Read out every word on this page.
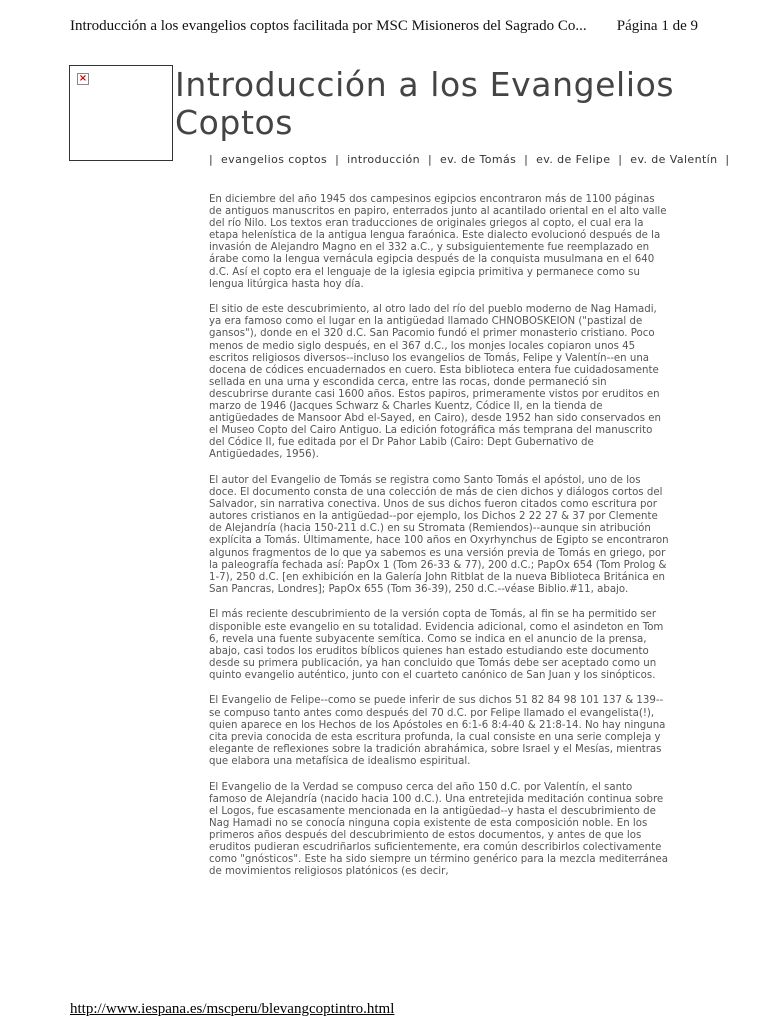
Introducción a los evangelios coptos facilitada por MSC Misioneros del Sagrado Co... Página 1 de 9
×	Introducción a los Evangelios Coptos
| evangelios coptos | introducción | ev. de Tomás | ev. de Felipe | ev. de Valentín |

En diciembre del año 1945 dos campesinos egipcios encontraron más de 1100 páginas de antiguos manuscritos en papiro, enterrados junto al acantilado oriental en el alto valle del río Nilo. Los textos eran traducciones de originales griegos al copto, el cual era la etapa helenística de la antigua lengua faraónica. Este dialecto evolucionó después de la invasión de Alejandro Magno en el 332 a.C., y subsiguientemente fue reemplazado en árabe como la lengua vernácula egipcia después de la conquista musulmana en el 640 d.C. Así el copto era el lenguaje de la iglesia egipcia primitiva y permanece como su lengua litúrgica hasta hoy día.

El sitio de este descubrimiento, al otro lado del río del pueblo moderno de Nag Hamadi, ya era famoso como el lugar en la antigüedad llamado CHNOBOSKEION ("pastizal de gansos"), donde en el 320 d.C. San Pacomio fundó el primer monasterio cristiano. Poco menos de medio siglo después, en el 367 d.C., los monjes locales copiaron unos 45 escritos religiosos diversos--incluso los evangelios de Tomás, Felipe y Valentín--en una docena de códices encuadernados en cuero. Esta biblioteca entera fue cuidadosamente sellada en una urna y escondida cerca, entre las rocas, donde permaneció sin descubrirse durante casi 1600 años. Estos papiros, primeramente vistos por eruditos en marzo de 1946 (Jacques Schwarz & Charles Kuentz, Códice II, en la tienda de antigüedades de Mansoor Abd el-Sayed, en Cairo), desde 1952 han sido conservados en el Museo Copto del Cairo Antiguo. La edición fotográfica más temprana del manuscrito del Códice II, fue editada por el Dr Pahor Labib (Cairo: Dept Gubernativo de Antigüedades, 1956).

El autor del Evangelio de Tomás se registra como Santo Tomás el apóstol, uno de los doce. El documento consta de una colección de más de cien dichos y diálogos cortos del Salvador, sin narrativa conectiva. Unos de sus dichos fueron citados como escritura por autores cristianos en la antigüedad--por ejemplo, los Dichos 2 22 27 & 37 por Clemente de Alejandría (hacia 150-211 d.C.) en su Stromata (Remiendos)--aunque sin atribución explícita a Tomás. Últimamente, hace 100 años en Oxyrhynchus de Egipto se encontraron algunos fragmentos de lo que ya sabemos es una versión previa de Tomás en griego, por la paleografía fechada así: PapOx 1 (Tom 26-33 & 77), 200 d.C.; PapOx 654 (Tom Prolog & 1-7), 250 d.C. [en exhibición en la Galería John Ritblat de la nueva Biblioteca Británica en San Pancras, Londres]; PapOx 655 (Tom 36-39), 250 d.C.--véase Biblio.#11, abajo.

El más reciente descubrimiento de la versión copta de Tomás, al fin se ha permitido ser disponible este evangelio en su totalidad. Evidencia adicional, como el asindeton en Tom 6, revela una fuente subyacente semítica. Como se indica en el anuncio de la prensa, abajo, casi todos los eruditos bíblicos quienes han estado estudiando este documento desde su primera publicación, ya han concluido que Tomás debe ser aceptado como un quinto evangelio auténtico, junto con el cuarteto canónico de San Juan y los sinópticos.

El Evangelio de Felipe--como se puede inferir de sus dichos 51 82 84 98 101 137 & 139--se compuso tanto antes como después del 70 d.C. por Felipe llamado el evangelista(!), quien aparece en los Hechos de los Apóstoles en 6:1-6 8:4-40 & 21:8-14. No hay ninguna cita previa conocida de esta escritura profunda, la cual consiste en una serie compleja y elegante de reflexiones sobre la tradición abrahámica, sobre Israel y el Mesías, mientras que elabora una metafísica de idealismo espiritual.

El Evangelio de la Verdad se compuso cerca del año 150 d.C. por Valentín, el santo famoso de Alejandría (nacido hacia 100 d.C.). Una entretejida meditación continua sobre el Logos, fue escasamente mencionada en la antigüedad--y hasta el descubrimiento de Nag Hamadi no se conocía ninguna copia existente de esta composición noble. En los primeros años después del descubrimiento de estos documentos, y antes de que los eruditos pudieran escudriñarlos suficientemente, era común describirlos colectivamente como "gnósticos". Este ha sido siempre un término genérico para la mezcla mediterránea de movimientos religiosos platónicos (es decir,

http://www.iespana.es/mscperu/blevangcoptintro.html
